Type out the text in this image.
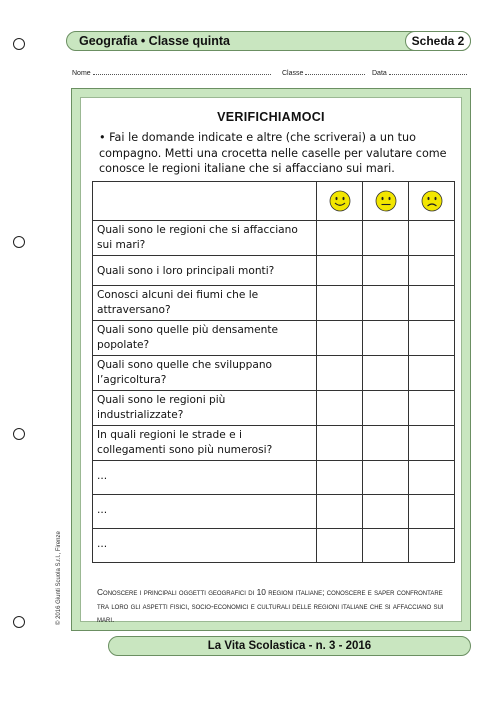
Geografia • Classe quinta	Scheda 2
Nome	Classe	Data
VERIFICHIAMOCI
• Fai le domande indicate e altre (che scriverai) a un tuo compagno. Metti una crocetta nelle caselle per valutare come conosce le regioni italiane che si affacciano sui mari.

Quali sono le regioni che si affacciano sui mari?			
Quali sono i loro principali monti?			
Conosci alcuni dei fiumi che le attraversano?			
Quali sono quelle più densamente popolate?			
Quali sono quelle che sviluppano l’agricoltura?			
Quali sono le regioni più industrializzate?			
In quali regioni le strade e i collegamenti sono più numerosi?			
...			
...			
...			
Conoscere i principali oggetti geografici di 10 regioni italiane; conoscere e saper confrontare tra loro gli aspetti fisici, socio-economici e culturali delle regioni italiane che si affacciano sui mari.
© 2016 Giunti Scuola S.r.l., Firenze
La Vita Scolastica - n. 3 - 2016
